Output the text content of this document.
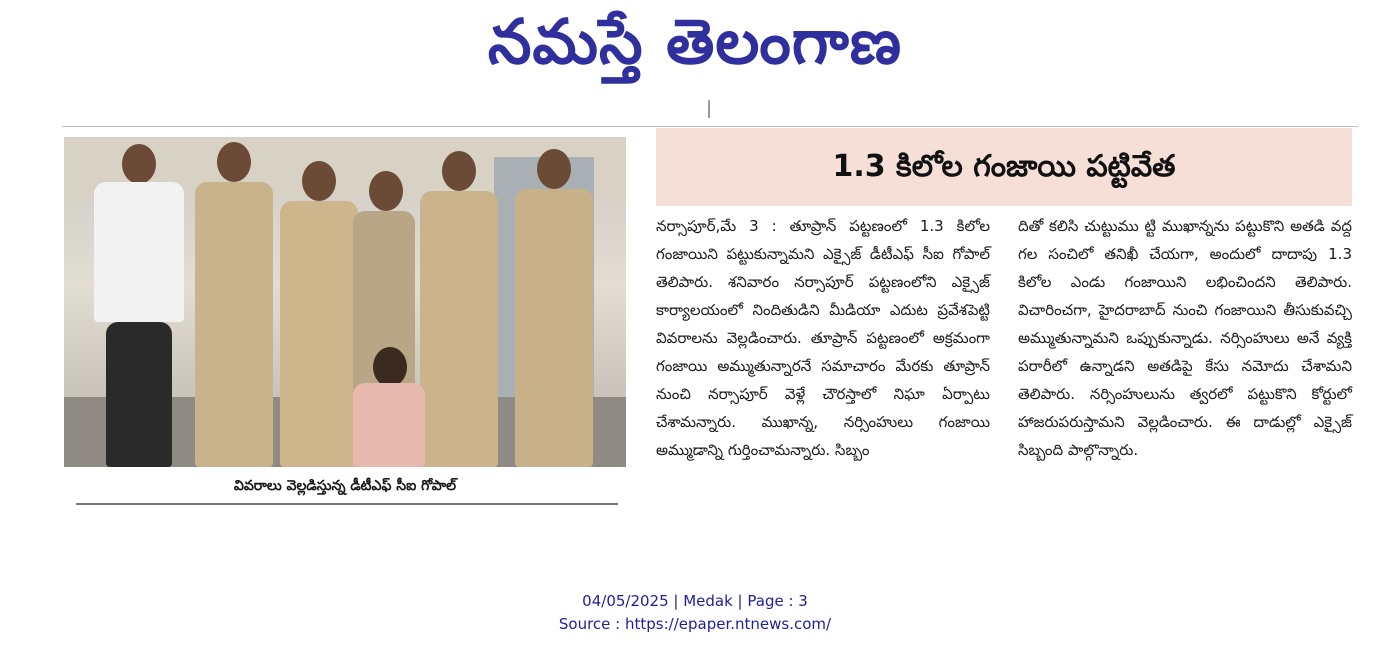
నమస్తే తెలంగాణ
వివరాలు వెల్లడిస్తున్న డీటీఎఫ్ సీఐ గోపాల్
1.3 కిలోల గంజాయి పట్టివేత
నర్సాపూర్,మే 3 : తూప్రాన్ పట్టణంలో 1.3 కిలోల గంజాయిని పట్టుకున్నామని ఎక్సైజ్ డీటీఎఫ్ సీఐ గోపాల్ తెలిపారు. శనివారం నర్సాపూర్ పట్టణంలోని ఎక్సైజ్ కార్యాలయంలో నిందితుడిని మీడియా ఎదుట ప్రవేశపెట్టి వివరాలను వెల్లడించారు. తూప్రాన్ పట్టణంలో అక్రమంగా గంజాయి అమ్ముతున్నారనే సమాచారం మేరకు తూప్రాన్ నుంచి నర్సాపూర్ వెళ్లే చౌరస్తాలో నిఘా ఏర్పాటు చేశామన్నారు. ముఖాన్న, నర్సింహులు గంజాయి అమ్ముడాన్ని గుర్తించామన్నారు. సిబ్బం
దితో కలిసి చుట్టుము ట్టి ముఖాన్నను పట్టుకొని అతడి వద్ద గల సంచిలో తనిఖీ చేయగా, అందులో దాదాపు 1.3 కిలోల ఎండు గంజాయిని లభించిందని తెలిపారు. విచారించగా, హైదరాబాద్ నుంచి గంజాయిని తీసుకువచ్చి అమ్ముతున్నామని ఒప్పుకున్నాడు. నర్సింహులు అనే వ్యక్తి పరారీలో ఉన్నాడని అతడిపై కేసు నమోదు చేశామని తెలిపారు. నర్సింహులును త్వరలో పట్టుకొని కోర్టులో హాజరుపరుస్తామని వెల్లడించారు. ఈ దాడుల్లో ఎక్సైజ్ సిబ్బంది పాల్గొన్నారు.
04/05/2025 | Medak | Page : 3
Source : https://epaper.ntnews.com/
